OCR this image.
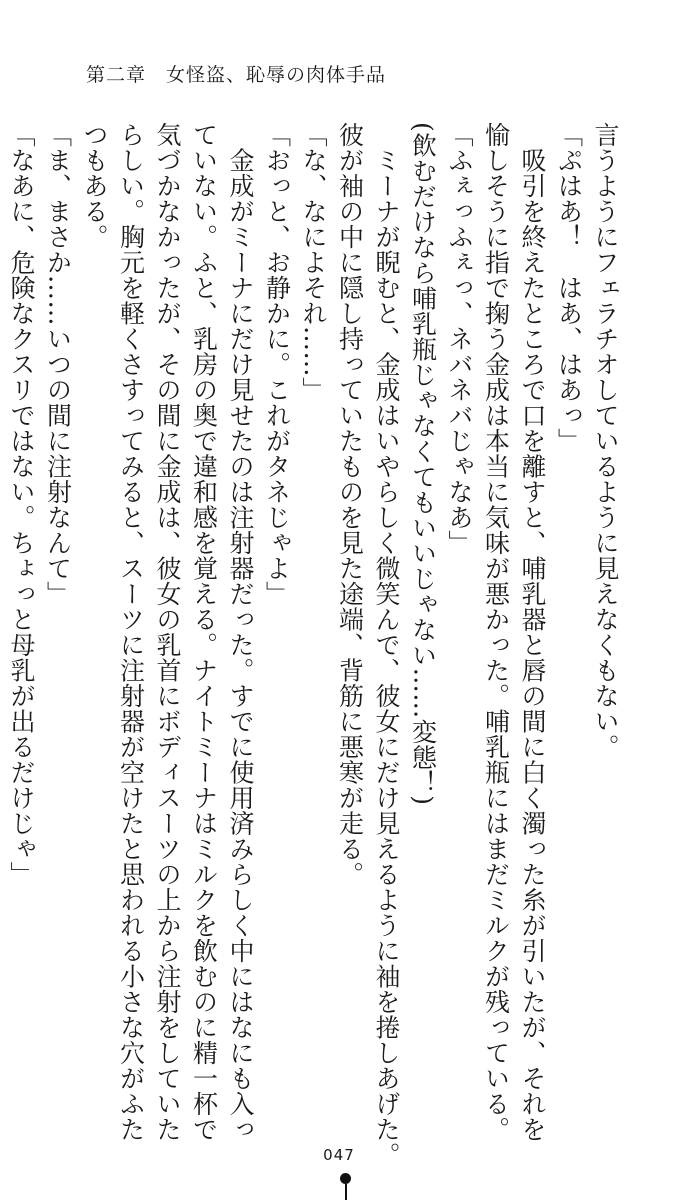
第二章　女怪盗、恥辱の肉体手品
言うようにフェラチオしているように見えなくもない。
「ぷはあ！　はあ、はあっ」
　吸引を終えたところで口を離すと、哺乳器と唇の間に白く濁った糸が引いたが、それを
愉しそうに指で掬う金成は本当に気味が悪かった。哺乳瓶にはまだミルクが残っている。
「ふぇっふぇっ、ネバネバじゃなあ」
(飲むだけなら哺乳瓶じゃなくてもいいじゃない……変態！)
　ミーナが睨むと、金成はいやらしく微笑んで、彼女にだけ見えるように袖を捲しあげた。
彼が袖の中に隠し持っていたものを見た途端、背筋に悪寒が走る。
「な、なによそれ……」
「おっと、お静かに。これがタネじゃよ」
　金成がミーナにだけ見せたのは注射器だった。すでに使用済みらしく中にはなにも入っ
ていない。ふと、乳房の奥で違和感を覚える。ナイトミーナはミルクを飲むのに精一杯で
気づかなかったが、その間に金成は、彼女の乳首にボディスーツの上から注射をしていた
らしい。胸元を軽くさすってみると、スーツに注射器が空けたと思われる小さな穴がふた
つもある。
「ま、まさか……いつの間に注射なんて」
「なあに、危険なクスリではない。ちょっと母乳が出るだけじゃ」
047
